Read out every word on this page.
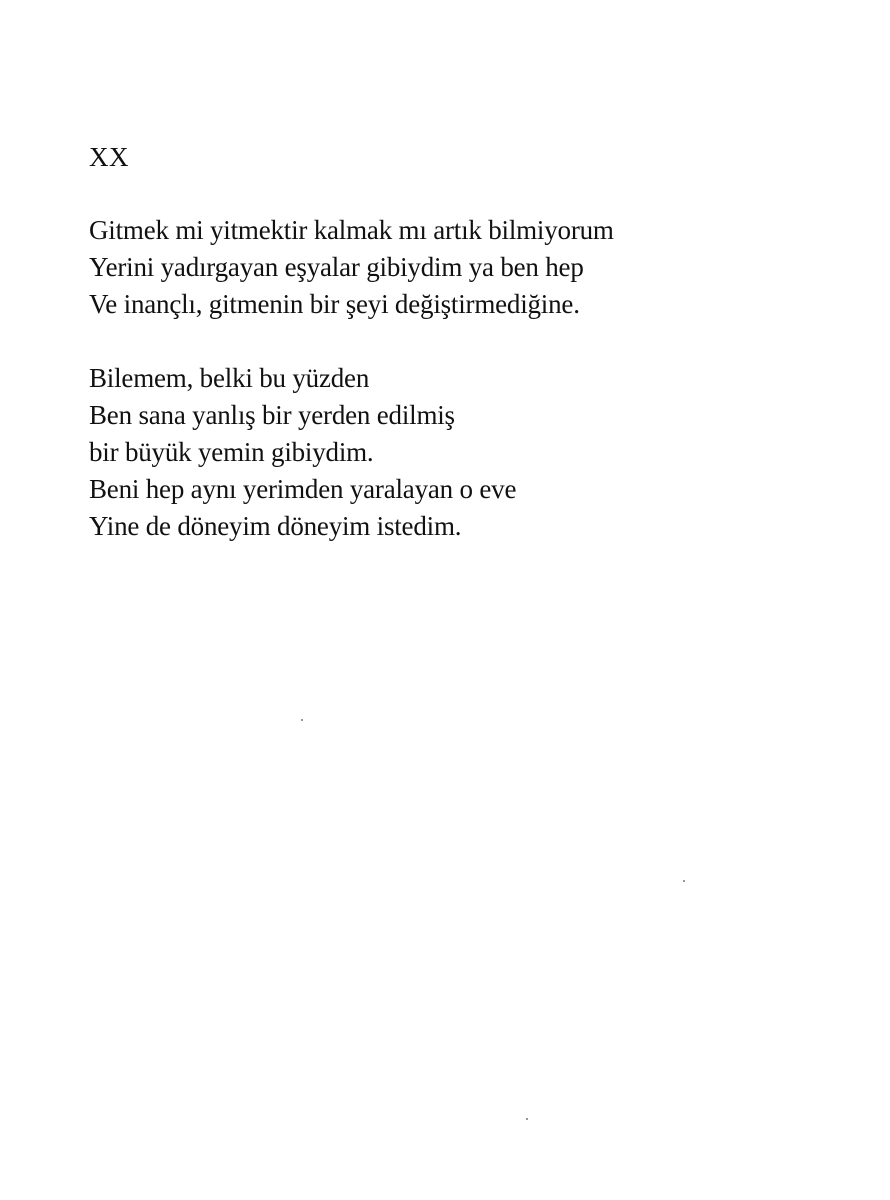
XX
Gitmek mi yitmektir kalmak mı artık bilmiyorum
Yerini yadırgayan eşyalar gibiydim ya ben hep
Ve inançlı, gitmenin bir şeyi değiştirmediğine.
Bilemem, belki bu yüzden
Ben sana yanlış bir yerden edilmiş
bir büyük yemin gibiydim.
Beni hep aynı yerimden yaralayan o eve
Yine de döneyim döneyim istedim.
